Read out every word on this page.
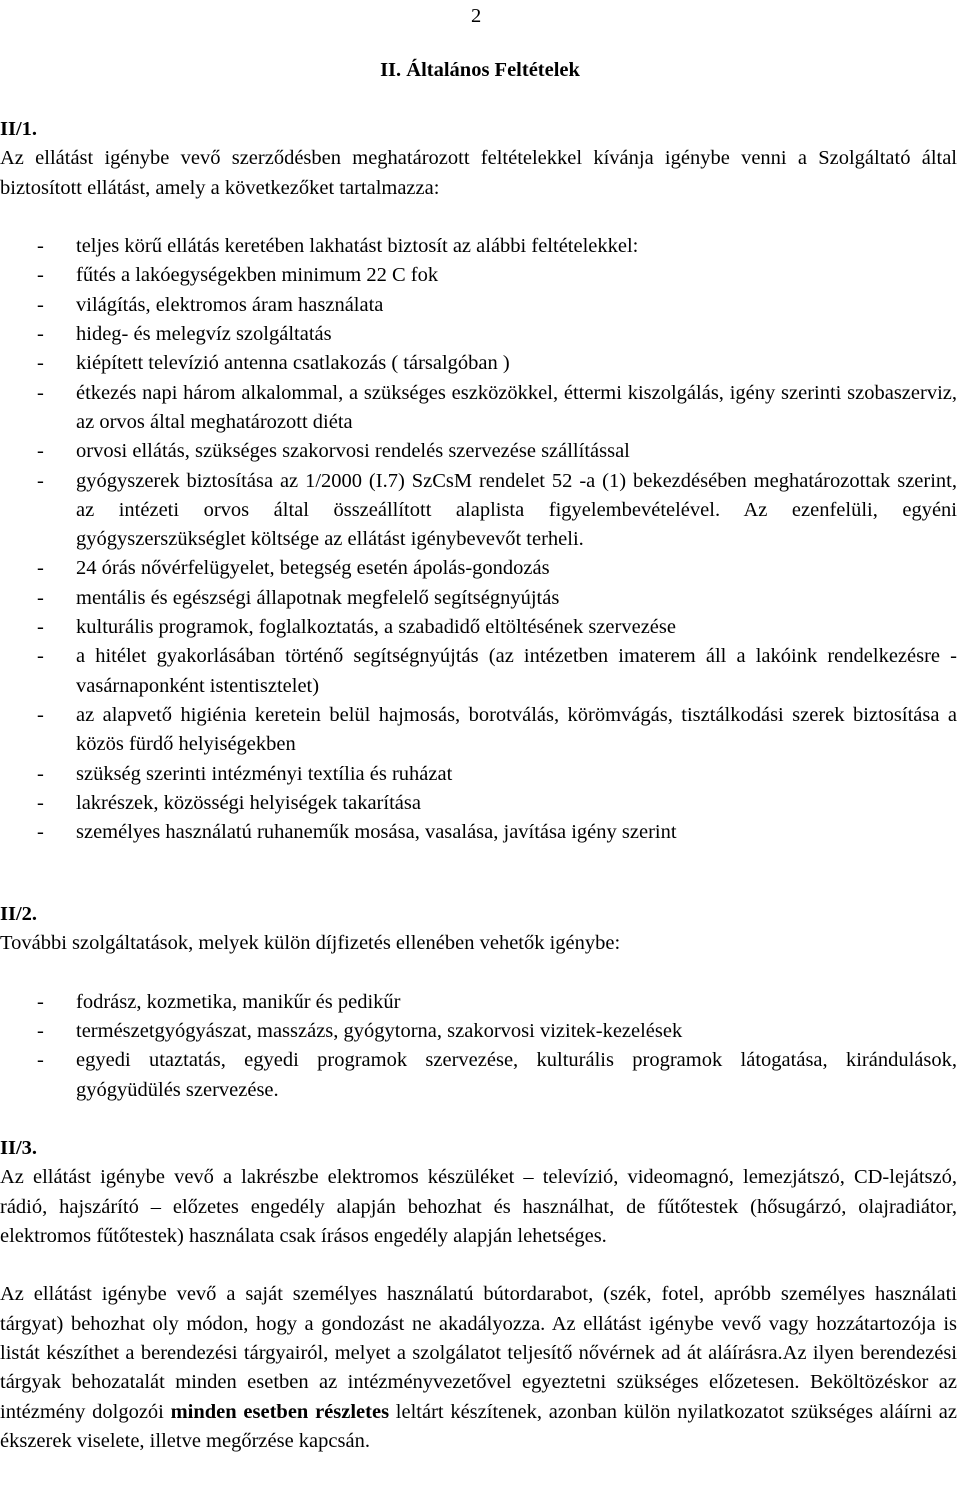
2
II. Általános Feltételek
II/1.

Az ellátást igénybe vevő szerződésben meghatározott feltételekkel kívánja igénybe venni a Szolgáltató által biztosított ellátást, amely a következőket tartalmazza:

- teljes körű ellátás keretében lakhatást biztosít az alábbi feltételekkel:
- fűtés a lakóegységekben minimum 22 C fok
- világítás, elektromos áram használata
- hideg- és melegvíz szolgáltatás
- kiépített televízió antenna csatlakozás ( társalgóban )
- étkezés napi három alkalommal, a szükséges eszközökkel, éttermi kiszolgálás, igény szerinti szobaszerviz, az orvos által meghatározott diéta
- orvosi ellátás, szükséges szakorvosi rendelés szervezése szállítással
- gyógyszerek biztosítása az 1/2000 (I.7) SzCsM rendelet 52 -a (1) bekezdésében meghatározottak szerint, az intézeti orvos által összeállított alaplista figyelembevételével. Az ezenfelüli, egyéni gyógyszerszükséglet költsége az ellátást igénybevevőt terheli.
- 24 órás nővérfelügyelet, betegség esetén ápolás-gondozás
- mentális és egészségi állapotnak megfelelő segítségnyújtás
- kulturális programok, foglalkoztatás, a szabadidő eltöltésének szervezése
- a hitélet gyakorlásában történő segítségnyújtás (az intézetben imaterem áll a lakóink rendelkezésre -vasárnaponként istentisztelet)
- az alapvető higiénia keretein belül hajmosás, borotválás, körömvágás, tisztálkodási szerek biztosítása a közös fürdő helyiségekben
- szükség szerinti intézményi textília és ruházat
- lakrészek, közösségi helyiségek takarítása
- személyes használatú ruhaneműk mosása, vasalása, javítása igény szerint
II/2.

További szolgáltatások, melyek külön díjfizetés ellenében vehetők igénybe:

- fodrász, kozmetika, manikűr és pedikűr
- természetgyógyászat, masszázs, gyógytorna, szakorvosi vizitek-kezelések
- egyedi utaztatás, egyedi programok szervezése, kulturális programok látogatása, kirándulások, gyógyüdülés szervezése.
II/3.

Az ellátást igénybe vevő a lakrészbe elektromos készüléket – televízió, videomagnó, lemezjátszó, CD-lejátszó, rádió, hajszárító – előzetes engedély alapján behozhat és használhat, de fűtőtestek (hősugárzó, olajradiátor, elektromos fűtőtestek) használata csak írásos engedély alapján lehetséges.

Az ellátást igénybe vevő a saját személyes használatú bútordarabot, (szék, fotel, apróbb személyes használati tárgyat) behozhat oly módon, hogy a gondozást ne akadályozza. Az ellátást igénybe vevő vagy hozzátartozója is listát készíthet a berendezési tárgyairól, melyet a szolgálatot teljesítő nővérnek ad át aláírásra.Az ilyen berendezési tárgyak behozatalát minden esetben az intézményvezetővel egyeztetni szükséges előzetesen. Beköltözéskor az intézmény dolgozói minden esetben részletes leltárt készítenek, azonban külön nyilatkozatot szükséges aláírni az ékszerek viselete, illetve megőrzése kapcsán.
